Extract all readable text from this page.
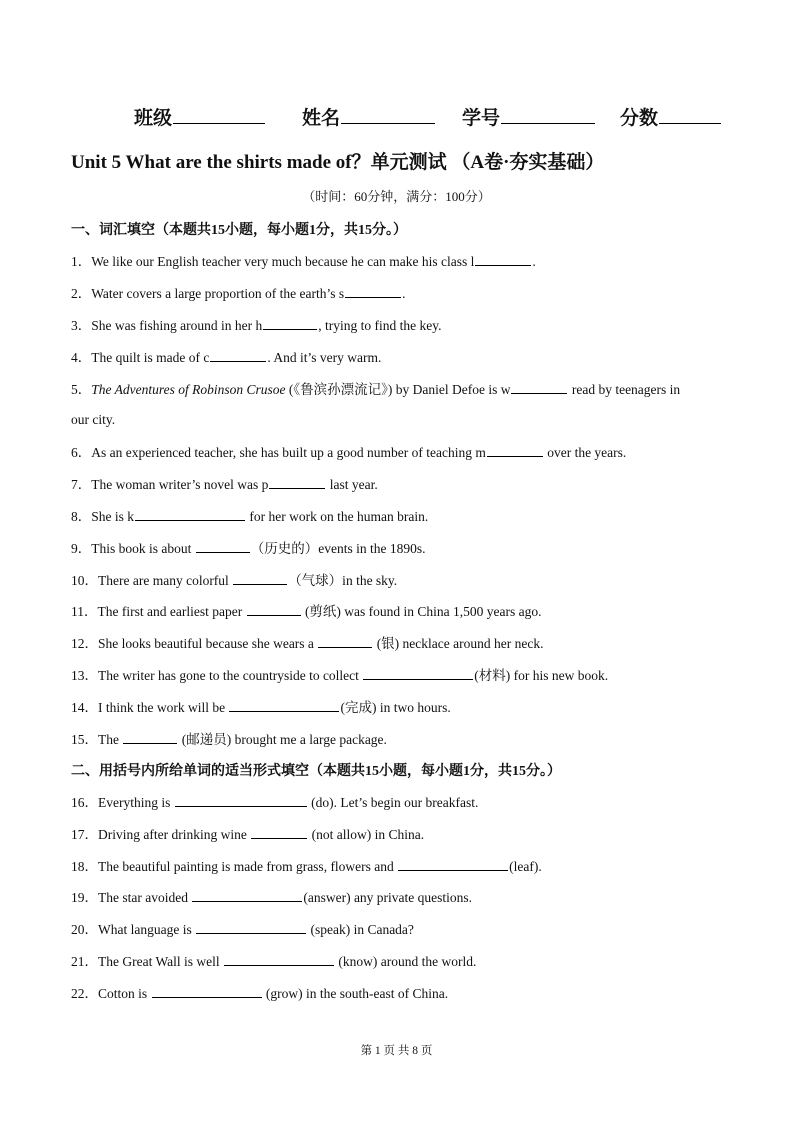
班级	姓名	学号	分数
Unit 5 What are the shirts made of？单元测试 （A卷·夯实基础）
（时间：60分钟，满分：100分）
一、词汇填空（本题共15小题，每小题1分，共15分。）
1．We like our English teacher very much because he can make his class l	.
2．Water covers a large proportion of the earth’s s	.
3．She was fishing around in her h	, trying to find the key.
4．The quilt is made of c	. And it’s very warm.
5．The Adventures of Robinson Crusoe (《鲁滨孙漂流记》) by Daniel Defoe is w	read by teenagers in
our city.
6．As an experienced teacher, she has built up a good number of teaching m	over the years.
7．The woman writer’s novel was p	last year.
8．She is k	for her work on the human brain.
9．This book is about	（历史的）events in the 1890s.
10．There are many colorful	（气球）in the sky.
11．The first and earliest paper	(剪纸) was found in China 1,500 years ago.
12．She looks beautiful because she wears a	(银) necklace around her neck.
13．The writer has gone to the countryside to collect	(材料) for his new book.
14．I think the work will be	(完成) in two hours.
15．The	(邮递员) brought me a large package.
二、用括号内所给单词的适当形式填空（本题共15小题，每小题1分，共15分。）
16．Everything is	(do). Let’s begin our breakfast.
17．Driving after drinking wine	(not allow) in China.
18．The beautiful painting is made from grass, flowers and	(leaf).
19．The star avoided	(answer) any private questions.
20．What language is	(speak) in Canada?
21．The Great Wall is well	(know) around the world.
22．Cotton is	(grow) in the south-east of China.
第 1 页 共 8 页
